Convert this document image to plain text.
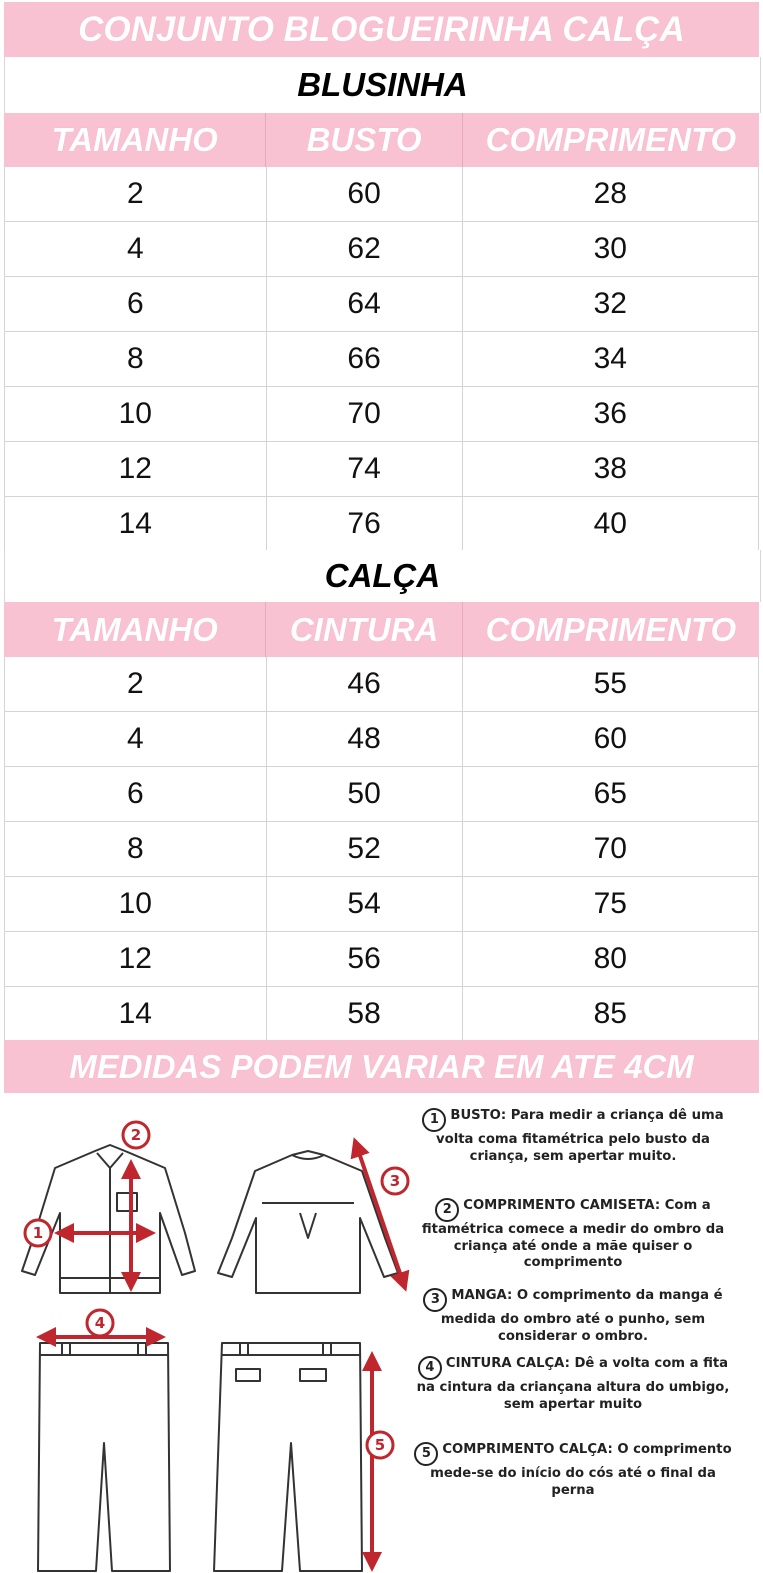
CONJUNTO BLOGUEIRINHA CALÇA
BLUSINHA
TAMANHO	BUSTO	COMPRIMENTO
2	60	28
4	62	30
6	64	32
8	66	34
10	70	36
12	74	38
14	76	40
CALÇA
TAMANHO	CINTURA	COMPRIMENTO
2	46	55
4	48	60
6	50	65
8	52	70
10	54	75
12	56	80
14	58	85
MEDIDAS PODEM VARIAR EM ATE 4CM
1
2
3
4
5
1 BUSTO: Para medir a criança dê uma volta coma fitamétrica pelo busto da criança, sem apertar muito.
2 COMPRIMENTO CAMISETA: Com a fitamétrica comece a medir do ombro da criança até onde a mãe quiser o comprimento
3 MANGA: O comprimento da manga é medida do ombro até o punho, sem considerar o ombro.
4 CINTURA CALÇA: Dê a volta com a fita na cintura da criançana altura do umbigo, sem apertar muito
5 COMPRIMENTO CALÇA: O comprimento mede-se do início do cós até o final da perna
